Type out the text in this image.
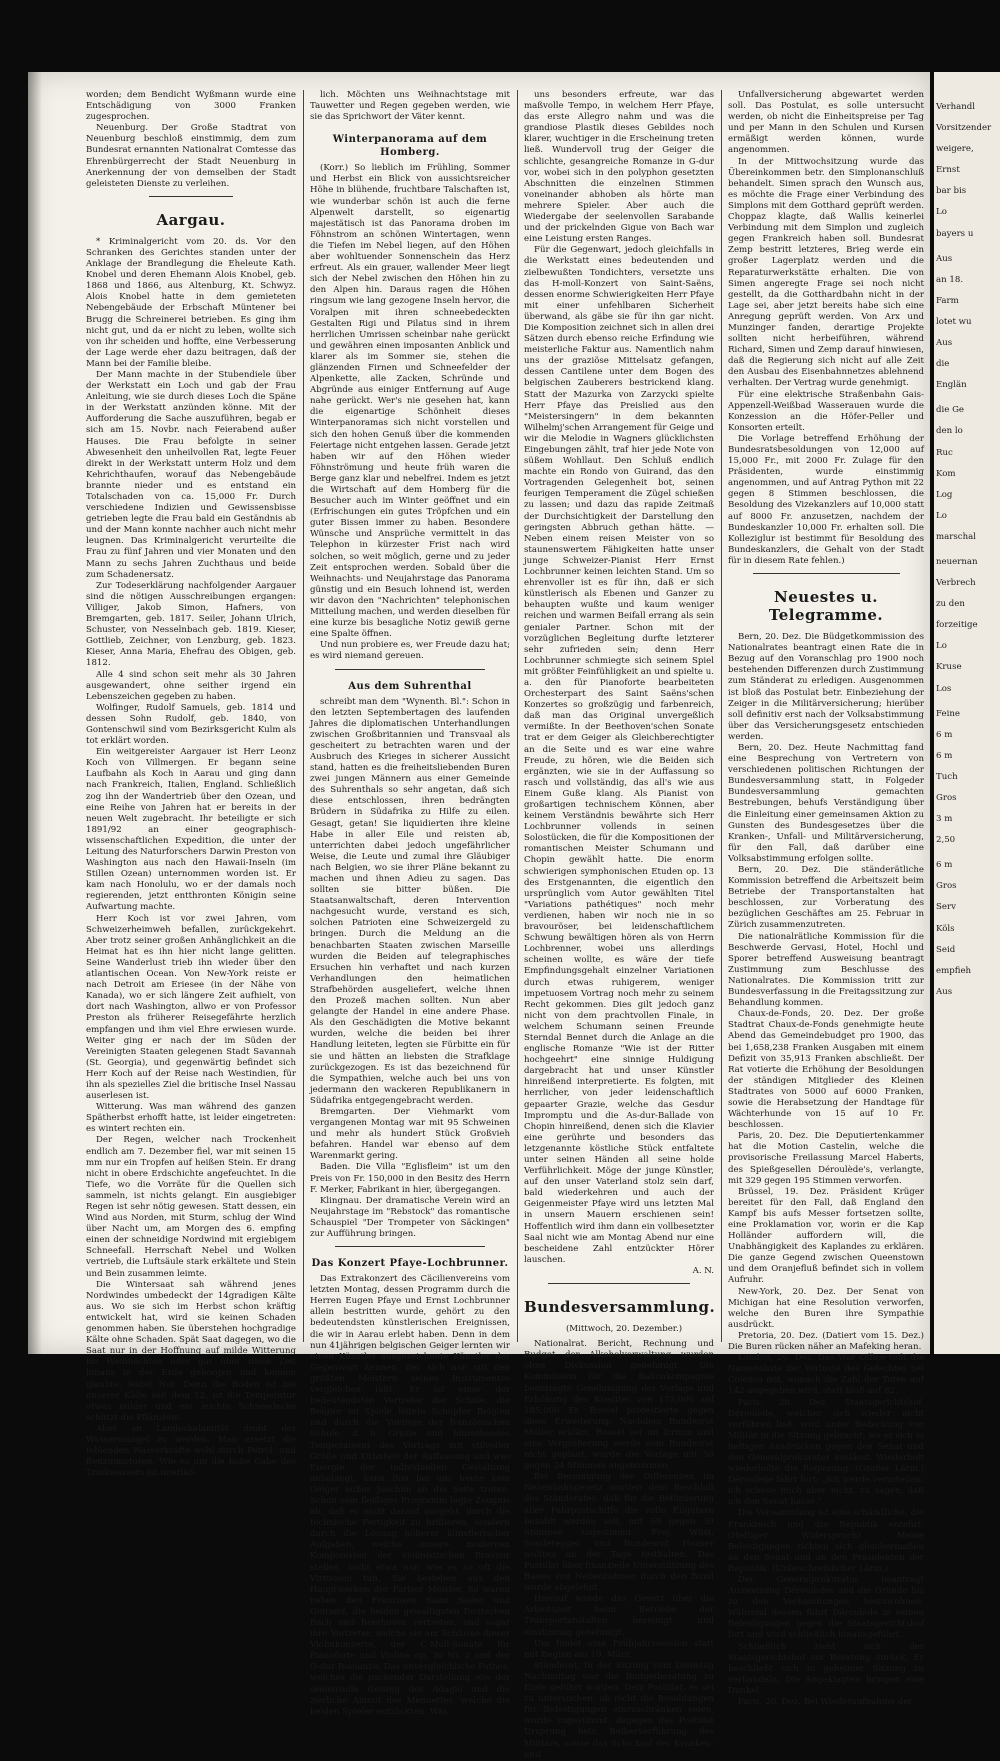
worden; dem Bendicht Wyßmann wurde eine Entschädigung von 3000 Franken zugesprochen.

Neuenburg. Der Große Stadtrat von Neuenburg beschloß einstimmig, dem zum Bundesrat ernannten Nationalrat Comtesse das Ehrenbürgerrecht der Stadt Neuenburg in Anerkennung der von demselben der Stadt geleisteten Dienste zu verleihen.

Aargau.

* Kriminalgericht vom 20. ds. Vor den Schranken des Gerichtes standen unter der Anklage der Brandlegung die Eheleute Kath. Knobel und deren Ehemann Alois Knobel, geb. 1868 und 1866, aus Altenburg, Kt. Schwyz. Alois Knobel hatte in dem gemieteten Nebengebäude der Erbschaft Müntener bei Brugg die Schreinerei betrieben. Es ging ihm nicht gut, und da er nicht zu leben, wollte sich von ihr scheiden und hoffte, eine Verbesserung der Lage werde eher dazu beitragen, daß der Mann bei der Familie bleibe.

Der Mann machte in der Stubendiele über der Werkstatt ein Loch und gab der Frau Anleitung, wie sie durch dieses Loch die Späne in der Werkstatt anzünden könne. Mit der Aufforderung die Sache auszuführen, begab er sich am 15. Novbr. nach Feierabend außer Hauses. Die Frau befolgte in seiner Abwesenheit den unheilvollen Rat, legte Feuer direkt in der Werkstatt unterm Holz und dem Kehrichthaufen, worauf das Nebengebäude brannte nieder und es entstand ein Totalschaden von ca. 15,000 Fr. Durch verschiedene Indizien und Gewissensbisse getrieben legte die Frau bald ein Geständnis ab und der Mann konnte nachher auch nicht mehr leugnen. Das Kriminalgericht verurteilte die Frau zu fünf Jahren und vier Monaten und den Mann zu sechs Jahren Zuchthaus und beide zum Schadenersatz.

Zur Todeserklärung nachfolgender Aargauer sind die nötigen Ausschreibungen ergangen: Villiger, Jakob Simon, Hafners, von Bremgarten, geb. 1817. Seiler, Johann Ulrich, Schuster, von Nesselnbach geb. 1819. Kieser, Gottlieb, Zeichner, von Lenzburg, geb. 1823. Kieser, Anna Maria, Ehefrau des Obigen, geb. 1812.

Alle 4 sind schon seit mehr als 30 Jahren ausgewandert, ohne seither irgend ein Lebenszeichen gegeben zu haben.

Wolfinger, Rudolf Samuels, geb. 1814 und dessen Sohn Rudolf, geb. 1840, von Gontenschwil sind vom Bezirksgericht Kulm als tot erklärt worden.

Ein weitgereister Aargauer ist Herr Leonz Koch von Villmergen. Er begann seine Laufbahn als Koch in Aarau und ging dann nach Frankreich, Italien, England. Schließlich zog ihn der Wandertrieb über den Ozean, und eine Reihe von Jahren hat er bereits in der neuen Welt zugebracht. Ihr beteiligte er sich 1891/92 an einer geographisch-wissenschaftlichen Expedition, die unter der Leitung des Naturforschers Darwin Preston von Washington aus nach den Hawaii-Inseln (im Stillen Ozean) unternommen worden ist. Er kam nach Honolulu, wo er der damals noch regierenden, jetzt entthronten Königin seine Aufwartung machte.

Herr Koch ist vor zwei Jahren, vom Schweizerheimweh befallen, zurückgekehrt. Aber trotz seiner großen Anhänglichkeit an die Heimat hat es ihn hier nicht lange gelitten. Seine Wanderlust trieb ihn wieder über den atlantischen Ocean. Von New-York reiste er nach Detroit am Eriesee (in der Nähe von Kanada), wo er sich längere Zeit aufhielt, von dort nach Washington, allwo er von Professor Preston als früherer Reisegefährte herzlich empfangen und ihm viel Ehre erwiesen wurde. Weiter ging er nach der im Süden der Vereinigten Staaten gelegenen Stadt Savannah (St. Georgia), und gegenwärtig befindet sich Herr Koch auf der Reise nach Westindien, für ihn als spezielles Ziel die britische Insel Nassau auserlesen ist.

Witterung. Was man während des ganzen Spätherbst erhofft hatte, ist leider eingetreten: es wintert rechten ein.

Der Regen, welcher nach Trockenheit endlich am 7. Dezember fiel, war mit seinen 15 mm nur ein Tropfen auf heißen Stein. Er drang nicht in obere Erdschichte angefeuchtet. In die Tiefe, wo die Vorräte für die Quellen sich sammeln, ist nichts gelangt. Ein ausgiebiger Regen ist sehr nötig gewesen. Statt dessen, ein Wind aus Norden, mit Sturm, schlug der Wind über Nacht um, am Morgen des 6. empfing einen der schneidige Nordwind mit ergiebigem Schneefall. Herrschaft Nebel und Wolken vertrieb, die Luftsäule stark erkältete und Stein und Bein zusammen leimte.

Die Wintersaat sah während jenes Nordwindes umbedeckt der 14gradigen Kälte aus. Wo sie sich im Herbst schon kräftig entwickelt hat, wird sie keinen Schaden genommen haben. Sie überstehen hochgradige Kälte ohne Schaden. Spät Saat dagegen, wo die Saat nur in der Hoffnung auf milde Witterung bis Weihnachten oder gar über diese Zeit hinaus in der Erde geborgen und keimen glaubte, leidet Not. Denn die Boden ist bei unserer Kälte seit dem 12. ist die Temperatur etwas milder und ein leichte Schneedecke schützt die Pflänzlein.

Aber an Landeskalamität droht der Wassermangel zu werden. Man ersetzt die fehlenden Wasserkräfte wohl durch Petrol- und Benzinmotoren. Wie es um die hohe Gabe des Trinkwassers ist unerläß-

lich. Möchten uns Weihnachtstage mit Tauwetter und Regen gegeben werden, wie sie das Sprichwort der Väter kennt.

Winterpanorama auf dem Homberg.

(Korr.) So lieblich im Frühling, Sommer und Herbst ein Blick von aussichtsreicher Höhe in blühende, fruchtbare Talschaften ist, wie wunderbar schön ist auch die ferne Alpenwelt darstellt, so eigenartig majestätisch ist das Panorama droben im Föhnstrom an schönen Wintertagen, wenn die Tiefen im Nebel liegen, auf den Höhen aber wohltuender Sonnenschein das Herz erfreut. Als ein grauer, wallender Meer liegt sich der Nebel zwischen den Höhen hin zu den Alpen hin. Daraus ragen die Höhen ringsum wie lang gezogene Inseln hervor, die Voralpen mit ihren schneebedeckten Gestalten Rigi und Pilatus sind in ihrem herrlichen Umrissen scheinbar nahe gerückt und gewähren einen imposanten Anblick und klarer als im Sommer sie, stehen die glänzenden Firnen und Schneefelder der Alpenkette, alle Zacken, Schründe und Abgründe aus einiger Entfernung auf Auge nahe gerückt. Wer's nie gesehen hat, kann die eigenartige Schönheit dieses Winterpanoramas sich nicht vorstellen und sich den hohen Genuß über die kommenden Feiertage nicht entgehen lassen. Gerade jetzt haben wir auf den Höhen wieder Föhnströmung und heute früh waren die Berge ganz klar und nebelfrei. Indem es jetzt die Wirtschaft auf dem Homberg für die Besucher auch im Winter geöffnet und ein (Erfrischungen ein gutes Tröpfchen und ein guter Bissen immer zu haben. Besondere Wünsche und Ansprüche vermittelt in das Telephon in kürzester Frist nach wird solchen, so weit möglich, gerne und zu jeder Zeit entsprochen werden. Sobald über die Weihnachts- und Neujahrstage das Panorama günstig und ein Besuch lohnend ist, werden wir davon den "Nachrichten" telephonischen Mitteilung machen, und werden dieselben für eine kurze bis besagliche Notiz gewiß gerne eine Spalte öffnen.

Und nun probiere es, wer Freude dazu hat; es wird niemand gereuen.

Aus dem Suhrenthal

schreibt man dem "Wynenth. Bl.": Schon in den letzten Septembertagen des laufenden Jahres die diplomatischen Unterhandlungen zwischen Großbritannien und Transvaal als gescheitert zu betrachten waren und der Ausbruch des Krieges in sicherer Aussicht stand, hatten es die freiheitsliebenden Buren zwei jungen Männern aus einer Gemeinde des Suhrenthals so sehr angetan, daß sich diese entschlossen, ihren bedrängten Brüdern in Südafrika zu Hilfe zu eilen. Gesagt, getan! Sie liquidierten ihre kleine Habe in aller Eile und reisten ab, unterrichten dabei jedoch ungefährlicher Weise, die Leute und zumal ihre Gläubiger nach Belgien, wo sie ihrer Pläne bekannt zu machen und ihnen Adieu zu sagen. Das sollten sie bitter büßen. Die Staatsanwaltschaft, deren Intervention nachgesucht wurde, verstand es sich, solchen Patrioten eine Schweizergeld zu bringen. Durch die Meldung an die benachbarten Staaten zwischen Marseille wurden die Beiden auf telegraphisches Ersuchen hin verhaftet und nach kurzen Verhandlungen den heimatlichen Strafbehörden ausgeliefert, welche ihnen den Prozeß machen sollten. Nun aber gelangte der Handel in eine andere Phase. Als den Geschädigten die Motive bekannt wurden, welche die beiden bei ihrer Handlung leiteten, legten sie Fürbitte ein für sie und hätten an liebsten die Strafklage zurückgezogen. Es ist das bezeichnend für die Sympathien, welche auch bei uns von jedermann den wackeren Republikanern in Südafrika entgegengebracht werden.

Bremgarten. Der Viehmarkt vom vergangenen Montag war mit 95 Schweinen und mehr als hundert Stück Großvieh befahren. Handel war ebenso auf dem Warenmarkt gering.

Baden. Die Villa "Eglisfleim" ist um den Preis von Fr. 150,000 in den Besitz des Herrn F. Merker, Fabrikant in hier, übergegangen.

Klingnau. Der dramatische Verein wird an Neujahrstage im "Rebstock" das romantische Schauspiel "Der Trompeter von Säckingen" zur Aufführung bringen.

Das Konzert Pfaye-Lochbrunner.

Das Extrakonzert des Cäcilienvereins vom letzten Montag, dessen Programm durch die Herren Eugen Pfaye und Ernst Lochbrunner allein bestritten wurde, gehört zu den bedeutendsten künstlerischen Ereignissen, die wir in Aarau erlebt haben. Denn in dem nun 41jährigen belgischen Geiger lernten wir einen Künstler ausgezeichnete Künstler der Gegenwart kennen, der sich nur mit den größten Meistern seines Instrumentes vergleichen läßt. Er ist einer der bedeutendsten Vertreter der Schule, die Belgier im Spiele leitete Schöpfer Belgien und durch die Vorzüge der französischen Schule, d. h. Grazie und hinreißendes Temperament des Vortrags mit stilvoller Größe und Kühnheit der Auffassung und was Energie der individuellen Gestaltung anbelangt, kann ihm bei uns heute kein Geiger außer Joachim an die Seite treten. Schon sein fleißiges Programm legte Zeugnis ab, daß er nicht darauf ausgeht, durch die technische Fertigkeit zu brillieren, sondern durch die Lösung höherer künstlerischer Aufgaben, welche unsere modernen Komponisten der violinistischen Bravour stellen, nicht etwa nur, wie es so oft die Virtuosen tun, Sie bestehen aus den Hauptwerken der Pariser Meister. So waren neben den Franzosen Saint Saëns und Guirand, die beiden gewaltigsten Deutschen Bach und Beethoven vertreten, und sogar ihre Vertreter, welche sie am Schlusse dieser Violinkonzerte, der C-Moll-Sonate für Pianoforte und Violine op. 30 Nr. 2 und der G-dur Romanze; Das unvergleichliche Pathos, welches die packender Darstellung wie der seelenvolle Gesang des Adagio und die zierliche Anmut des Menuettes, welche die beiden Spieler entzückten. Was

uns besonders erfreute, war das maßvolle Tempo, in welchem Herr Pfaye, das erste Allegro nahm und was die grandiose Plastik dieses Gebildes noch klarer, wuchtiger in die Erscheinung treten ließ. Wundervoll trug der Geiger die schlichte, gesangreiche Romanze in G-dur vor, wobei sich in den polyphon gesetzten Abschnitten die einzelnen Stimmen voneinander abhoben als hörte man mehrere Spieler. Aber auch die Wiedergabe der seelenvollen Sarabande und der prickelnden Gigue von Bach war eine Leistung ersten Ranges.

Für die Gegenwart, jedoch gleichfalls in die Werkstatt eines bedeutenden und zielbewußten Tondichters, versetzte uns das H-moll-Konzert von Saint-Saëns, dessen enorme Schwierigkeiten Herr Pfaye mit einer unfehlbaren Sicherheit überwand, als gäbe sie für ihn gar nicht. Die Komposition zeichnet sich in allen drei Sätzen durch ebenso reiche Erfindung wie meisterliche Faktur aus. Namentlich nahm uns der graziöse Mittelsatz gefangen, dessen Cantilene unter dem Bogen des belgischen Zauberers bestrickend klang. Statt der Mazurka von Zarzycki spielte Herr Pfaye das Preislied aus den "Meistersingern" in dem bekannten Wilhelmj'schen Arrangement für Geige und wir die Melodie in Wagners glücklichsten Eingebungen zählt, traf hier jede Note von süßem Wohllaut. Den Schluß endlich machte ein Rondo von Guirand, das den Vortragenden Gelegenheit bot, seinen feurigen Temperament die Zügel schießen zu lassen; und dazu das rapide Zeitmaß der Durchsichtigkeit der Darstellung den geringsten Abbruch gethan hätte. — Neben einem reisen Meister von so staunenswertem Fähigkeiten hatte unser junge Schweizer-Pianist Herr Ernst Lochbrunner keinen leichten Stand. Um so ehrenvoller ist es für ihn, daß er sich künstlerisch als Ebenen und Ganzer zu behaupten wußte und kaum weniger reichen und warmen Beifall errang als sein genialer Partner. Schon mit der vorzüglichen Begleitung durfte letzterer sehr zufrieden sein; denn Herr Lochbrunner schmiegte sich seinem Spiel mit größter Feinfühligkeit an und spielte u. a. den für Pianoforte bearbeiteten Orchesterpart des Saint Saëns'schen Konzertes so großzügig und farbenreich, daß man das Original unvergeßlich vermißte. In der Beethoven'schen Sonate trat er dem Geiger als Gleichberechtigter an die Seite und es war eine wahre Freude, zu hören, wie die Beiden sich ergänzten, wie sie in der Auffassung so rasch und vollständig, das all's wie aus Einem Guße klang. Als Pianist von großartigen technischem Können, aber keinem Verständnis bewährte sich Herr Lochbrunner vollends in seinen Solostücken, die für die Kompositionen der romantischen Meister Schumann und Chopin gewählt hatte. Die enorm schwierigen symphonischen Etuden op. 13 des Erstgenannten, die eigentlich den ursprünglich vom Autor gewählten Titel "Variations pathétiques" noch mehr verdienen, haben wir noch nie in so bravouröser, bei leidenschaftlichem Schwung bewältigen hören als von Herrn Lochbrenner, wobei uns allerdings scheinen wollte, es wäre der tiefe Empfindungsgehalt einzelner Variationen durch etwas ruhigerem, weniger impetuosem Vortrag noch mehr zu seinem Recht gekommen. Dies gilt jedoch ganz nicht von dem prachtvollen Finale, in welchem Schumann seinen Freunde Sterndal Bennet durch die Anlage an die englische Romanze "Wie ist der Ritter hochgeehrt" eine sinnige Huldigung dargebracht hat und unser Künstler hinreißend interpretierte. Es folgten, mit herrlicher, von jeder leidenschaftlich gepaarter Grazie, welche das Gesdur Impromptu und die As-dur-Ballade von Chopin hinreißend, denen sich die Klavier eine gerührte und besonders das letzgenannte köstliche Stück entfaltete unter seinen Händen all seine holde Verführlichkeit. Möge der junge Künstler, auf den unser Vaterland stolz sein darf, bald wiederkehren und auch der Geigenmeister Pfaye wird uns letzten Mal in unsern Mauern erschienen sein! Hoffentlich wird ihm dann ein vollbesetzter Saal nicht wie am Montag Abend nur eine bescheidene Zahl entzückter Hörer lauschen.

A. N.

Bundesversammlung.

(Mittwoch, 20. Dezember.)

Nationalrat. Bericht, Rechnung und Budget der Alkoholverwaltung wurden ohne Diskussion genehmigt. Die Kommission für die Ballonkompagnie beantragte Genehmigung der Vorlage und Erhöhung des Kredites von 175,000 auf 185,000 Fr. Rossel protestierte gegen diese Erweiterung. Nachdem Bundesrat Müller erklärt, Rossel sei im Irrtum und eine Vergrößerung werde vom Bundesrat nicht geplant, wurde die Vorlage mit 58 gegen 24 Stimmen angenommen.

Bei Bereinigung der Differenzen im Nebenbahngesetz wurden dem Beschluß des Ständerates, daß für die Beförderung aller Fahrpostschiffe die volle Eilgutaxe bezahlt werden soll, mit 59 gegen 39 Stimmen zugestimmt. Frei, Wüst, Sonderegger und Bundesrat Hauser wollten an der Tage festhalten. Das Postulat über finanzielle Unterstützung des Baues von Nebenbahnen durch den Bund wurde abgelehnt.

Hierauf wurde das Gesetz über die Arbeitszeit beim Betriebe der Transportanstalten bereinigt und einstimmig genehmigt.

Um findet eine Frühjahrssession statt mit Beginn am 19. März.

Ständerat. In der Sitzung vom Dienstag Nachmittag war die Budgetberatung zu Ende geführt worden. Dem Postulat, es sei zu untersuchen, ob nicht die Besoldungen für Befestigungen einzuschränken seien, wurde zugestimmt, dagegen das Postulat Ursprung betr. Beiberverführung des Militärs, sowie das Schicksal der Kranken- und

Unfallversicherung abgewartet werden soll. Das Postulat, es solle untersucht werden, ob nicht die Einheitspreise per Tag und per Mann in den Schulen und Kursen ermäßigt werden können, wurde angenommen.

In der Mittwochsitzung wurde das Übereinkommen betr. den Simplonanschluß behandelt. Simen sprach den Wunsch aus, es möchte die Frage einer Verbindung des Simplons mit dem Gotthard geprüft werden. Choppaz klagte, daß Wallis keinerlei Verbindung mit dem Simplon und zugleich gegen Frankreich haben soll. Bundesrat Zemp bestritt letzteres, Brieg werde ein großer Lagerplatz werden und die Reparaturwerkstätte erhalten. Die von Simen angeregte Frage sei noch nicht gestellt, da die Gotthardbahn nicht in der Lage sei, aber jetzt bereits habe sich eine Anregung geprüft werden. Von Arx und Munzinger fanden, derartige Projekte sollten nicht herbeiführen, während Richard, Simen und Zemp darauf hinwiesen, daß die Regierung sich nicht auf alle Zeit den Ausbau des Eisenbahnnetzes ablehnend verhalten. Der Vertrag wurde genehmigt.

Für eine elektrische Straßenbahn Gais-Appenzell-Weißbad Wasserauen wurde die Konzession an die Höfer-Peller und Konsorten erteilt.

Die Vorlage betreffend Erhöhung der Bundesratsbesoldungen von 12,000 auf 15,000 Fr., mit 2000 Fr. Zulage für den Präsidenten, wurde einstimmig angenommen, und auf Antrag Python mit 22 gegen 8 Stimmen beschlossen, die Besoldung des Vizekanzlers auf 10,000 statt auf 8000 Fr. anzusetzen, nachdem der Bundeskanzler 10,000 Fr. erhalten soll. Die Kolleziglur ist bestimmt für Besoldung des Bundeskanzlers, die Gehalt von der Stadt für in diesem Rate fehlen.)

Neuestes u. Telegramme.

Bern, 20. Dez. Die Büdgetkommission des Nationalrates beantragt einen Rate die in Bezug auf den Voranschlag pro 1900 noch bestehenden Differenzen durch Zustimmung zum Ständerat zu erledigen. Ausgenommen ist bloß das Postulat betr. Einbeziehung der Zeiger in die Militärversicherung; hierüber soll definitiv erst nach der Volksabstimmung über das Versicherungsgesetz entschieden werden.

Bern, 20. Dez. Heute Nachmittag fand eine Besprechung von Vertretern von verschiedenen politischen Richtungen der Bundesversammlung statt, in Folgeder Bundesversammlung gemachten Bestrebungen, behufs Verständigung über die Einleitung einer gemeinsamen Aktion zu Gunsten des Bundesgesetzes über die Kranken-, Unfall- und Militärversicherung, für den Fall, daß darüber eine Volksabstimmung erfolgen sollte.

Bern, 20. Dez. Die ständerätliche Kommission betreffend die Arbeitszeit beim Betriebe der Transportanstalten hat beschlossen, zur Vorberatung des bezüglichen Geschäftes am 25. Februar in Zürich zusammenzutreten.

Die nationalrätliche Kommission für die Beschwerde Gervasi, Hotel, Hochl und Sporer betreffend Ausweisung beantragt Zustimmung zum Beschlusse des Nationalrates. Die Kommission tritt zur Bundesverfassung in die Freitagssitzung zur Behandlung kommen.

Chaux-de-Fonds, 20. Dez. Der große Stadtrat Chaux-de-Fonds genehmigte heute Abend das Gemeindebudget pro 1900, das bei 1,658,238 Franken Ausgaben mit einem Defizit von 35,913 Franken abschließt. Der Rat votierte die Erhöhung der Besoldungen der ständigen Mitglieder des Kleinen Stadtrates von 5000 auf 6000 Franken, sowie die Herabsetzung der Handtage für Wächterhunde von 15 auf 10 Fr. beschlossen.

Paris, 20. Dez. Die Deputiertenkammer hat die Motion Castelin, welche die provisorische Freilassung Marcel Haberts, des Spießgesellen Déroulède's, verlangte, mit 329 gegen 195 Stimmen verworfen.

Brüssel, 19. Dez. Präsident Krüger bereitet für den Fall, daß England den Kampf bis aufs Messer fortsetzen sollte, eine Proklamation vor, worin er die Kap Holländer auffordern will, die Unabhängigkeit des Kaplandes zu erklären. Die ganze Gegend zwischen Queenstown und dem Oranjefluß befindet sich in vollem Aufruhr.

New-York, 20. Dez. Der Senat von Michigan hat eine Resolution verworfen, welche den Buren ihre Sympathie ausdrückt.

Pretoria, 20. Dez. (Datiert vom 15. Dez.) Die Buren rücken näher an Mafeking heran.

London, 20. Dez. Das War Office teilt die Namensliste der Verluste des Gefechtes bei Colenso mit, wonach die Zahl der Toten auf 142 angegeben wird, statt bloß auf 82.

Paris, 20. Dez. Staatsgerichtshof. Déroulède, welcher sich wieder nicht vorführen ließ, wird unter Bedeckung von Militär in die Sitzung gebracht, wo er sich in heftigen Ausdrücken gegen den Senat und den Generalprokurator auslässt. Wiederholt wiederholte die Regierung. (Großer Lärm.) Déroulède fährt fort: „Ich werde verurteilen; ich scheue mich aber nicht, zu sagen, daß ich den Senat hasse."

Die Versammlung ist eine schändliche, die Frankreich und die Republik entehrt. (Heftiger Widerspruch). Meine Beleidigungen richten sich gleichermaßen an den Senat und an den Präsidenten der Republik. (Unbeschreiblicher Lärm.)

Der Generalprokurator beantragt Ausweisung Déroulèdes und die Gründe bis zu den Verhandlungen beizuwohnen. Während dessen fährt Déroulède in seinen Beleidigungen gegen die Staatsgerichtshof fort und wird schließlich hinausgeführt.

Schließlich zieht sich der Staatsgerichtshof zur Beratung zurück. Er beschließt sich in geheimer Sitzung zu verhandeln. Die Angeklagten bringen eine Dunkel.

Paris, 20. Dez. Bei Wiederaufnahme der

Verhandl
Vorsitzender
weigere,
Ernst
bar bis
Lo
bayers u
Aus
an 18.
Farm
lotet wu
Aus
die
Englän
die Ge
den lo
Ruc
Kom
Log
Lo
marschal
neuernan
Verbrech
zu den
forzeitige
Lo
Kruse
Los
Feine
6 m
6 m
Tuch
Gros
3 m
2,50
6 m
Gros
Serv
Köls
Seid
empfieh
Aus
